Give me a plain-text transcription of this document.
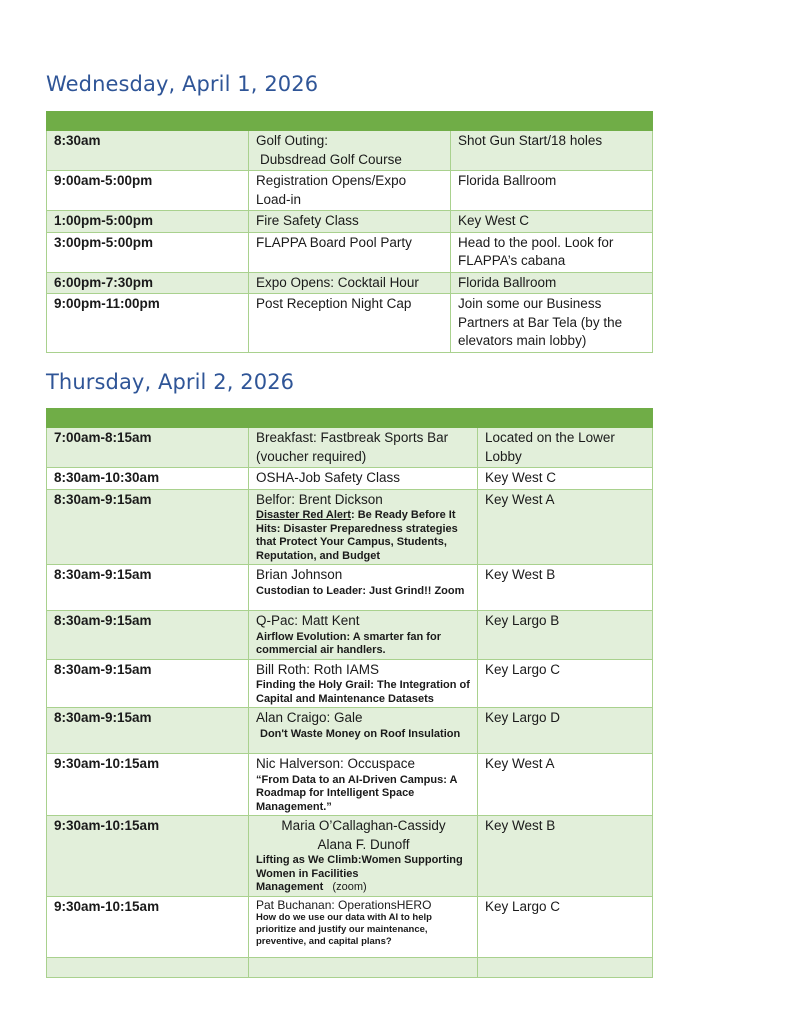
Wednesday, April 1, 2026

8:30am	Golf Outing:
Dubsdread Golf Course	Shot Gun Start/18 holes
9:00am-5:00pm	Registration Opens/Expo Load-in	Florida Ballroom
1:00pm-5:00pm	Fire Safety Class	Key West C
3:00pm-5:00pm	FLAPPA Board Pool Party	Head to the pool. Look for FLAPPA’s cabana
6:00pm-7:30pm	Expo Opens: Cocktail Hour	Florida Ballroom
9:00pm-11:00pm	Post Reception Night Cap	Join some our Business Partners at Bar Tela (by the elevators main lobby)
Thursday, April 2, 2026

7:00am-8:15am	Breakfast: Fastbreak Sports Bar (voucher required)	Located on the Lower Lobby
8:30am-10:30am	OSHA-Job Safety Class	Key West C
8:30am-9:15am	Belfor: Brent Dickson
Disaster Red Alert: Be Ready Before It Hits: Disaster Preparedness strategies that Protect Your Campus, Students, Reputation, and Budget	Key West A
8:30am-9:15am	Brian Johnson
Custodian to Leader: Just Grind!! Zoom	Key West B
8:30am-9:15am	Q-Pac: Matt Kent
Airflow Evolution: A smarter fan for commercial air handlers.	Key Largo B
8:30am-9:15am	Bill Roth: Roth IAMS
Finding the Holy Grail: The Integration of Capital and Maintenance Datasets	Key Largo C
8:30am-9:15am	Alan Craigo: Gale
Don't Waste Money on Roof Insulation	Key Largo D
9:30am-10:15am	Nic Halverson: Occuspace
“From Data to an AI-Driven Campus: A Roadmap for Intelligent Space Management.”	Key West A
9:30am-10:15am	Maria O’Callaghan-Cassidy
Alana F. Dunoff
Lifting as We Climb:Women Supporting Women in Facilities Management (zoom)	Key West B
9:30am-10:15am	Pat Buchanan: OperationsHERO
How do we use our data with AI to help prioritize and justify our maintenance, preventive, and capital plans?	Key Largo C
